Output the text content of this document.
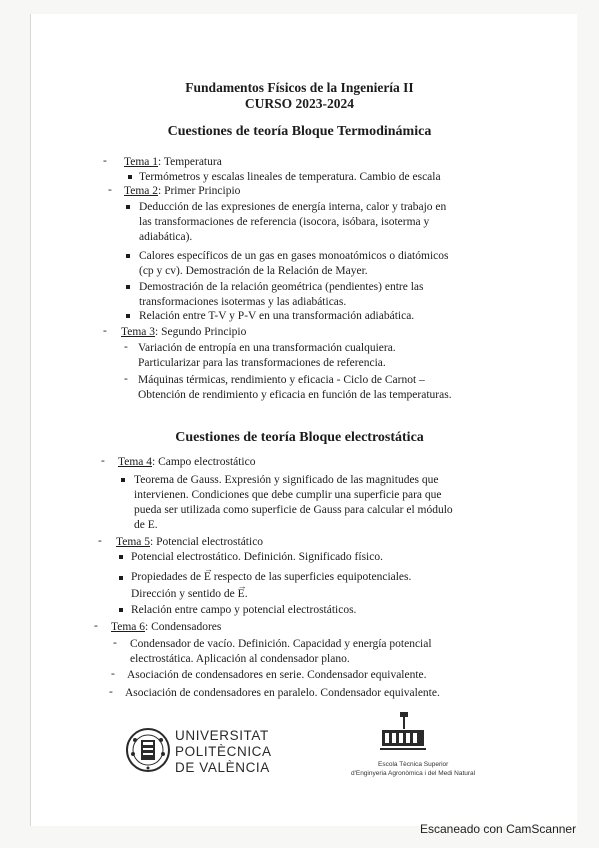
Fundamentos Físicos de la Ingeniería II
CURSO 2023-2024
Cuestiones de teoría Bloque Termodinámica
- Tema 1: Temperatura
Termómetros y escalas lineales de temperatura. Cambio de escala
- Tema 2: Primer Principio
Deducción de las expresiones de energía interna, calor y trabajo en
las transformaciones de referencia (isocora, isóbara, isoterma y
adiabática).
Calores específicos de un gas en gases monoatómicos o diatómicos
(cp y cv). Demostración de la Relación de Mayer.
Demostración de la relación geométrica (pendientes) entre las
transformaciones isotermas y las adiabáticas.
Relación entre T-V y P-V en una transformación adiabática.
- Tema 3: Segundo Principio
- Variación de entropía en una transformación cualquiera.
Particularizar para las transformaciones de referencia.
- Máquinas térmicas, rendimiento y eficacia - Ciclo de Carnot –
Obtención de rendimiento y eficacia en función de las temperaturas.
Cuestiones de teoría Bloque electrostática
- Tema 4: Campo electrostático
Teorema de Gauss. Expresión y significado de las magnitudes que
intervienen. Condiciones que debe cumplir una superficie para que
pueda ser utilizada como superficie de Gauss para calcular el módulo
de E.
- Tema 5: Potencial electrostático
Potencial electrostático. Definición. Significado físico.
Propiedades de
→
E respecto de las superficies equipotenciales.
Dirección y sentido de
→
E.
Relación entre campo y potencial electrostáticos.
- Tema 6: Condensadores
- Condensador de vacío. Definición. Capacidad y energía potencial
electrostática. Aplicación al condensador plano.
- Asociación de condensadores en serie. Condensador equivalente.
- Asociación de condensadores en paralelo. Condensador equivalente.
UNIVERSITAT
POLITÈCNICA
DE VALÈNCIA	Escola Tècnica Superior
d'Enginyeria Agronòmica i del Medi Natural
Escaneado con CamScanner
